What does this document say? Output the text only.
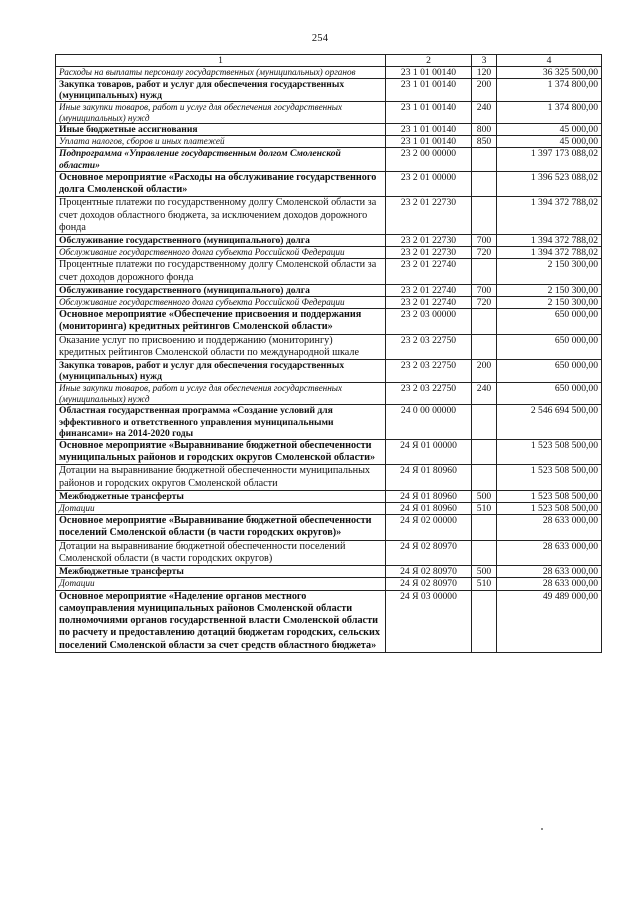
254
1	2	3	4
Расходы на выплаты персоналу государственных (муниципальных) органов	23 1 01 00140	120	36 325 500,00
Закупка товаров, работ и услуг для обеспечения государственных (муниципальных) нужд	23 1 01 00140	200	1 374 800,00
Иные закупки товаров, работ и услуг для обеспечения государственных (муниципальных) нужд	23 1 01 00140	240	1 374 800,00
Иные бюджетные ассигнования	23 1 01 00140	800	45 000,00
Уплата налогов, сборов и иных платежей	23 1 01 00140	850	45 000,00
Подпрограмма «Управление государственным долгом Смоленской области»	23 2 00 00000		1 397 173 088,02
Основное мероприятие «Расходы на обслуживание государственного долга Смоленской области»	23 2 01 00000		1 396 523 088,02
Процентные платежи по государственному долгу Смоленской области за счет доходов областного бюджета, за исключением доходов дорожного фонда	23 2 01 22730		1 394 372 788,02
Обслуживание государственного (муниципального) долга	23 2 01 22730	700	1 394 372 788,02
Обслуживание государственного долга субъекта Российской Федерации	23 2 01 22730	720	1 394 372 788,02
Процентные платежи по государственному долгу Смоленской области за счет доходов дорожного фонда	23 2 01 22740		2 150 300,00
Обслуживание государственного (муниципального) долга	23 2 01 22740	700	2 150 300,00
Обслуживание государственного долга субъекта Российской Федерации	23 2 01 22740	720	2 150 300,00
Основное мероприятие «Обеспечение присвоения и поддержания (мониторинга) кредитных рейтингов Смоленской области»	23 2 03 00000		650 000,00
Оказание услуг по присвоению и поддержанию (мониторингу) кредитных рейтингов Смоленской области по международной шкале	23 2 03 22750		650 000,00
Закупка товаров, работ и услуг для обеспечения государственных (муниципальных) нужд	23 2 03 22750	200	650 000,00
Иные закупки товаров, работ и услуг для обеспечения государственных (муниципальных) нужд	23 2 03 22750	240	650 000,00
Областная государственная программа «Создание условий для эффективного и ответственного управления муниципальными финансами» на 2014-2020 годы	24 0 00 00000		2 546 694 500,00
Основное мероприятие «Выравнивание бюджетной обеспеченности муниципальных районов и городских округов Смоленской области»	24 Я 01 00000		1 523 508 500,00
Дотации на выравнивание бюджетной обеспеченности муниципальных районов и городских округов Смоленской области	24 Я 01 80960		1 523 508 500,00
Межбюджетные трансферты	24 Я 01 80960	500	1 523 508 500,00
Дотации	24 Я 01 80960	510	1 523 508 500,00
Основное мероприятие «Выравнивание бюджетной обеспеченности поселений Смоленской области (в части городских округов)»	24 Я 02 00000		28 633 000,00
Дотации на выравнивание бюджетной обеспеченности поселений Смоленской области (в части городских округов)	24 Я 02 80970		28 633 000,00
Межбюджетные трансферты	24 Я 02 80970	500	28 633 000,00
Дотации	24 Я 02 80970	510	28 633 000,00
Основное мероприятие «Наделение органов местного самоуправления муниципальных районов Смоленской области полномочиями органов государственной власти Смоленской области по расчету и предоставлению дотаций бюджетам городских, сельских поселений Смоленской области за счет средств областного бюджета»	24 Я 03 00000		49 489 000,00
